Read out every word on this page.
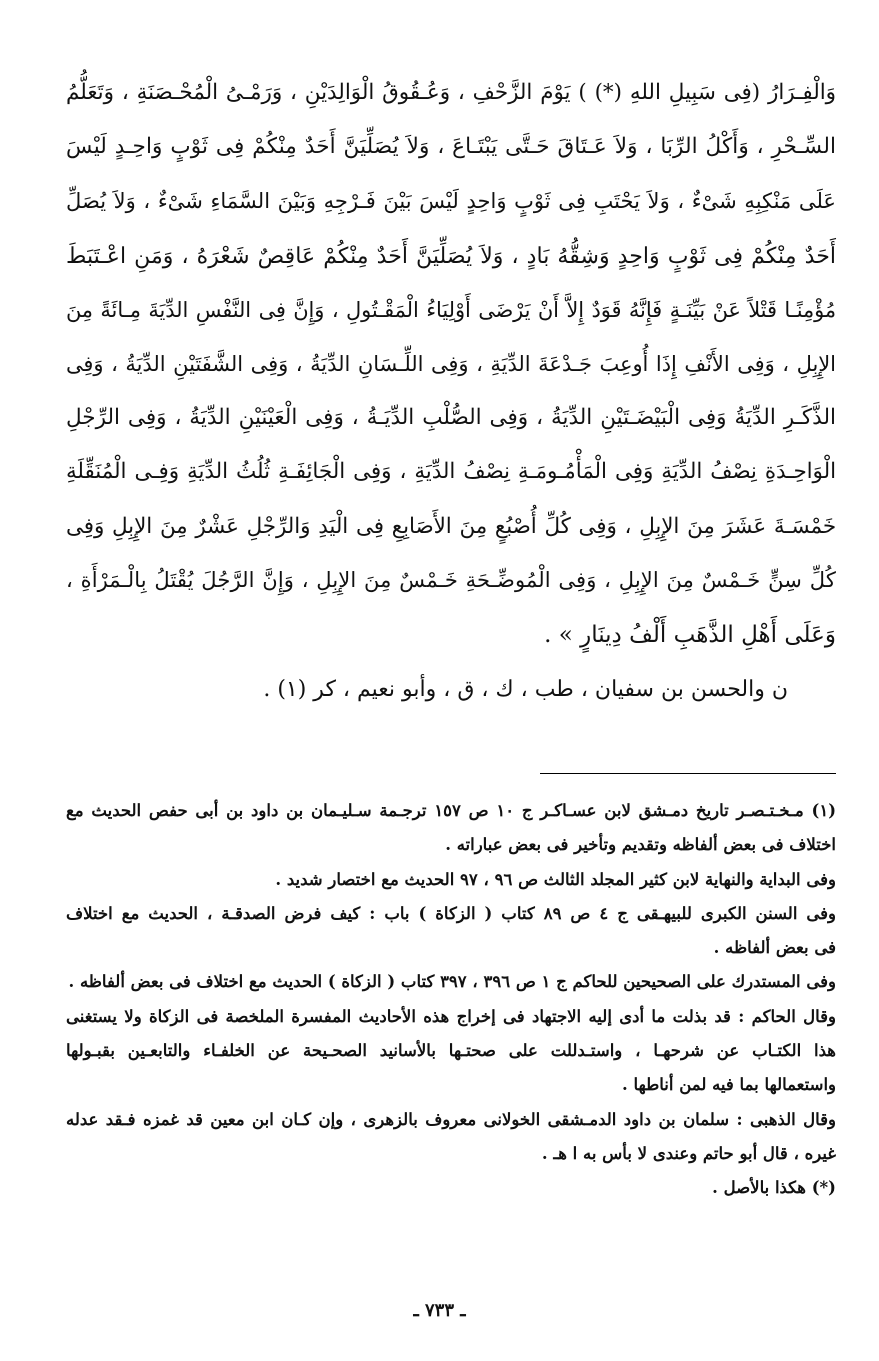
وَالْفِـرَارُ (فِى سَبِيلِ اللهِ (*) ) يَوْمَ الزَّحْفِ ، وَعُـقُوقُ الْوَالِدَيْنِ ، وَرَمْـىُ الْمُحْـصَنَةِ ، وَتَعَلُّمُ
السِّـحْرِ ، وَأَكْلُ الرِّبَا ، وَلاَ عَـتَاقَ حَـتَّى يَبْتَـاعَ ، وَلاَ يُصَلِّيَنَّ أَحَدٌ مِنْكُمْ فِى ثَوْبٍ وَاحِـدٍ لَيْسَ
عَلَى مَنْكِبِهِ شَىْءٌ ، وَلاَ يَحْتَبِ فِى ثَوْبٍ وَاحِدٍ لَيْسَ بَيْنَ فَـرْجِهِ وَبَيْنَ السَّمَاءِ شَىْءٌ ، وَلاَ يُصَلِّ
أَحَدٌ مِنْكُمْ فِى ثَوْبٍ وَاحِدٍ وَشِقُّهُ بَادٍ ، وَلاَ يُصَلِّيَنَّ أَحَدٌ مِنْكُمْ عَاقِصٌ شَعْرَهُ ، وَمَنِ اعْـتَبَطَ
مُؤْمِنًـا قَتْلاً عَنْ بَيِّنَـةٍ فَإِنَّهُ قَوَدٌ إِلاَّ أَنْ يَرْضَى أَوْلِيَاءُ الْمَقْـتُولِ ، وَإِنَّ فِى النَّفْسِ الدِّيَةَ مِـائَةً مِنَ
الإِبِلِ ، وَفِى الأَنْفِ إِذَا أُوعِبَ جَـدْعَةَ الدِّيَةِ ، وَفِى اللِّـسَانِ الدِّيَةُ ، وَفِى الشَّفَتَيْنِ الدِّيَةُ ، وَفِى
الذَّكَـرِ الدِّيَةُ وَفِى الْبَيْضَـتَيْنِ الدِّيَةُ ، وَفِى الصُّلْبِ الدِّيَـةُ ، وَفِى الْعَيْنَيْنِ الدِّيَةُ ، وَفِى الرِّجْلِ
الْوَاحِـدَةِ نِصْفُ الدِّيَةِ وَفِى الْمَأْمُـومَـةِ نِصْفُ الدِّيَةِ ، وَفِى الْجَائِفَـةِ ثُلُثُ الدِّيَةِ وَفِـى الْمُنَقِّلَةِ
خَمْسَـةَ عَشَرَ مِنَ الإِبِلِ ، وَفِى كُلِّ أُصْبُعٍ مِنَ الأَصَابِعِ فِى الْيَدِ وَالرِّجْلِ عَشْرٌ مِنَ الإِبِلِ وَفِى
كُلِّ سِنٍّ خَـمْسٌ مِنَ الإِبِلِ ، وَفِى الْمُوضِّـحَةِ خَـمْسٌ مِنَ الإِبِلِ ، وَإِنَّ الرَّجُلَ يُقْتَلُ بِالْـمَرْأَةِ ،
وَعَلَى أَهْلِ الذَّهَبِ أَلْفُ دِينَارٍ » .
ن والحسن بن سفيان ، طب ، ك ، ق ، وأبو نعيم ، كر (١) .
(١) مـخـتـصـر تاريخ دمـشق لابن عسـاكـر ج ١٠ ص ١٥٧ ترجـمة سـليـمان بن داود بن أبى حفص الحديث مع
اختلاف فى بعض ألفاظه وتقديم وتأخير فى بعض عباراته .
وفى البداية والنهاية لابن كثير المجلد الثالث ص ٩٦ ، ٩٧ الحديث مع اختصار شديد .
وفى السنن الكبرى للبيهـقى ج ٤ ص ٨٩ كتاب ( الزكاة ) باب : كيف فرض الصدقـة ، الحديث مع اختلاف
فى بعض ألفاظه .
وفى المستدرك على الصحيحين للحاكم ج ١ ص ٣٩٦ ، ٣٩٧ كتاب ( الزكاة ) الحديث مع اختلاف فى بعض ألفاظه .
وقال الحاكم : قد بذلت ما أدى إليه الاجتهاد فى إخراج هذه الأحاديث المفسرة الملخصة فى الزكاة ولا يستغنى
هذا الكتـاب عن شرحهـا ، واستـدللت على صحتـها بالأسانيد الصحـيحة عن الخلفـاء والتابعـين بقبـولها
واستعمالها بما فيه لمن أناطها .
وقال الذهبى : سلمان بن داود الدمـشقى الخولانى معروف بالزهرى ، وإن كـان ابن معين قد غمزه فـقد عدله
غيره ، قال أبو حاتم وعندى لا بأس به ا هـ .
(*) هكذا بالأصل .
ـ ٧٣٣ ـ
